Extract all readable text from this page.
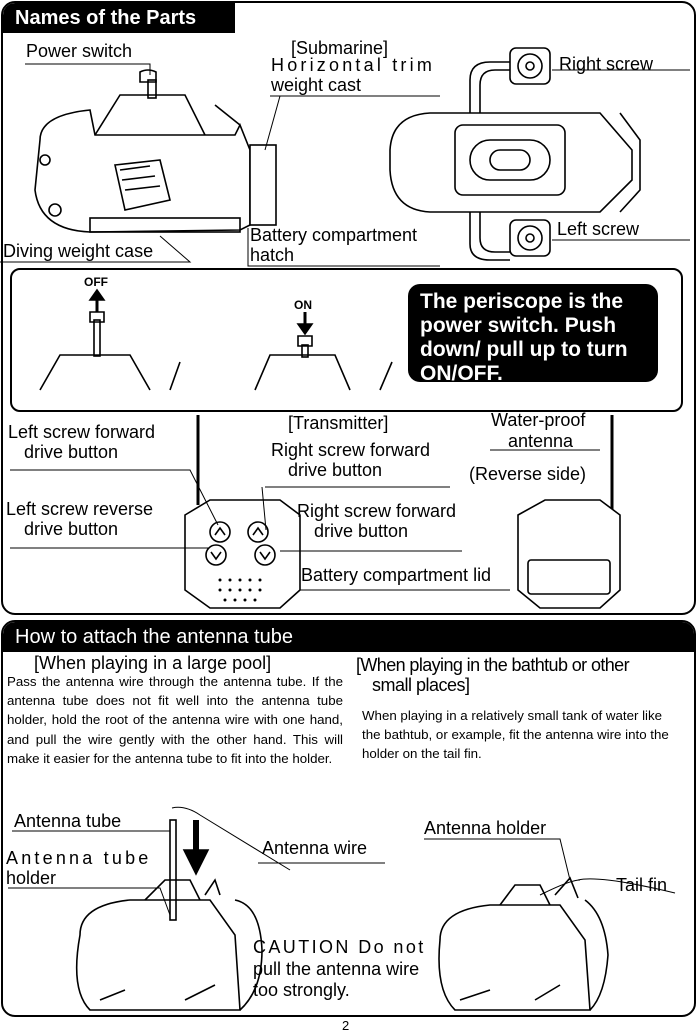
Names of the Parts
Power switch	[Submarine]
Horizontal trim
weight cast
Right screw
Left screw
Diving weight case
Battery compartment
hatch
OFF
ON	The periscope is the power switch. Push down/ pull up to turn ON/OFF.
[Transmitter]
Left screw forward
drive button	Right screw forward
drive button
Water-proof
antenna
(Reverse side)
Left screw reverse
drive button
Right screw forward
drive button
Battery compartment lid
How to attach the antenna tube
[When playing in a large pool]
Pass the antenna wire through the antenna tube. If the antenna tube does not fit well into the antenna tube holder, hold the root of the antenna wire with one hand, and pull the wire gently with the other hand. This will make it easier for the antenna tube to fit into the holder.
[When playing in the bathtub or other
small places]
When playing in a relatively small tank of water like the bathtub, or example, fit the antenna wire into the holder on the tail fin.
Antenna tube
Antenna tube
holder
Antenna wire
Antenna holder
Tail fin
CAUTION Do not
pull the antenna wire
too strongly.
2
